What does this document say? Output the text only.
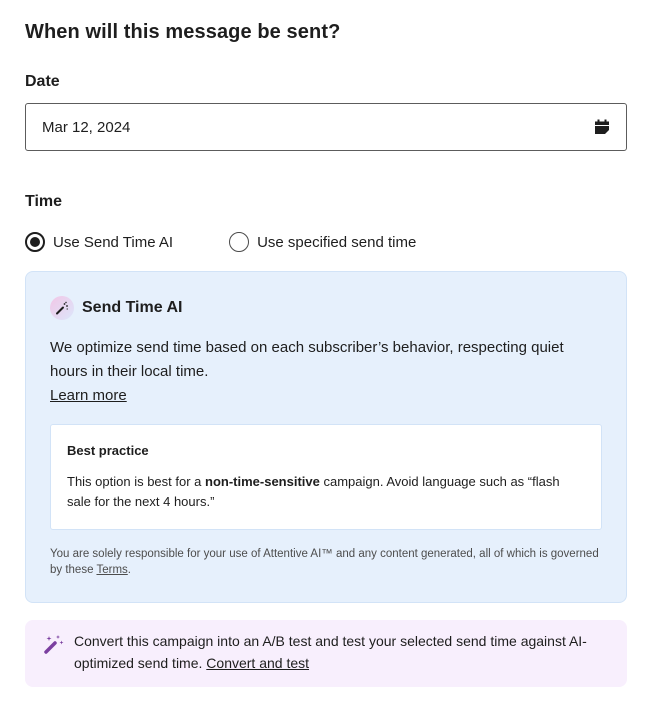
When will this message be sent?
Date
Mar 12, 2024
Time
Use Send Time AI	Use specified send time
Send Time AI
We optimize send time based on each subscriber’s behavior, respecting quiet hours in their local time.
Learn more
Best practice
This option is best for a non-time-sensitive campaign. Avoid language such as “flash sale for the next 4 hours.”
You are solely responsible for your use of Attentive AI™ and any content generated, all of which is governed by these Terms.
Convert this campaign into an A/B test and test your selected send time against AI-optimized send time. Convert and test
